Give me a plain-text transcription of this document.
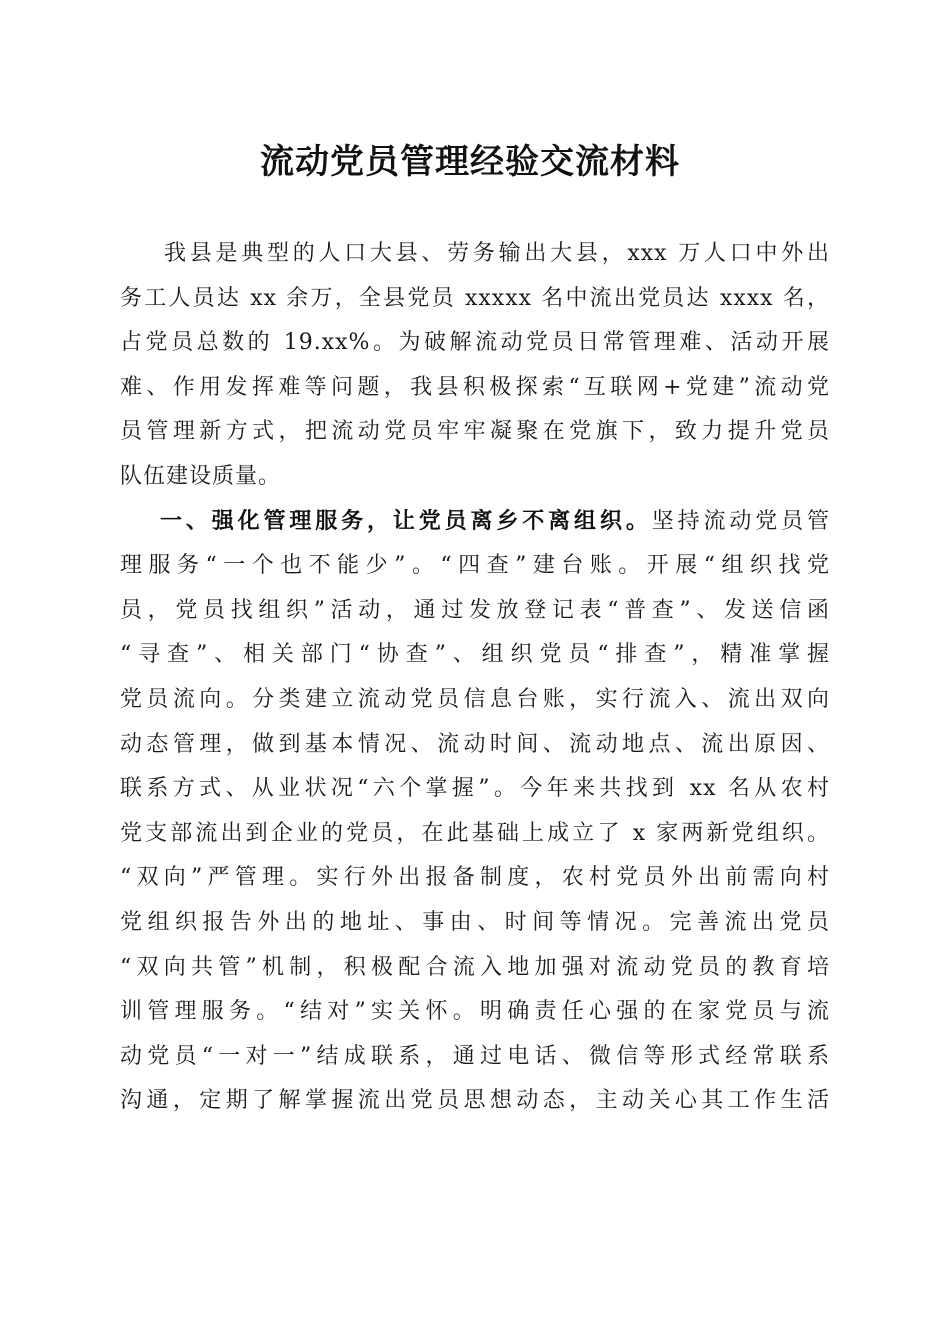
流动党员管理经验交流材料
我县是典型的人口大县、劳务输出大县，xxx 万人口中外出
务工人员达 xx 余万，全县党员 xxxxx 名中流出党员达 xxxx 名，
占党员总数的 19.xx%。为破解流动党员日常管理难、活动开展
难、作用发挥难等问题，我县积极探索“互联网+党建”流动党
员管理新方式，把流动党员牢牢凝聚在党旗下，致力提升党员
队伍建设质量。
一、强化管理服务，让党员离乡不离组织。坚持流动党员管
理服务“一个也不能少”。“四查”建台账。开展“组织找党
员，党员找组织”活动，通过发放登记表“普查”、发送信函
“寻查”、相关部门“协查”、组织党员“排查”，精准掌握
党员流向。分类建立流动党员信息台账，实行流入、流出双向
动态管理，做到基本情况、流动时间、流动地点、流出原因、
联系方式、从业状况“六个掌握”。今年来共找到 xx 名从农村
党支部流出到企业的党员，在此基础上成立了 x 家两新党组织。
“双向”严管理。实行外出报备制度，农村党员外出前需向村
党组织报告外出的地址、事由、时间等情况。完善流出党员
“双向共管”机制，积极配合流入地加强对流动党员的教育培
训管理服务。“结对”实关怀。明确责任心强的在家党员与流
动党员“一对一”结成联系，通过电话、微信等形式经常联系
沟通，定期了解掌握流出党员思想动态，主动关心其工作生活
